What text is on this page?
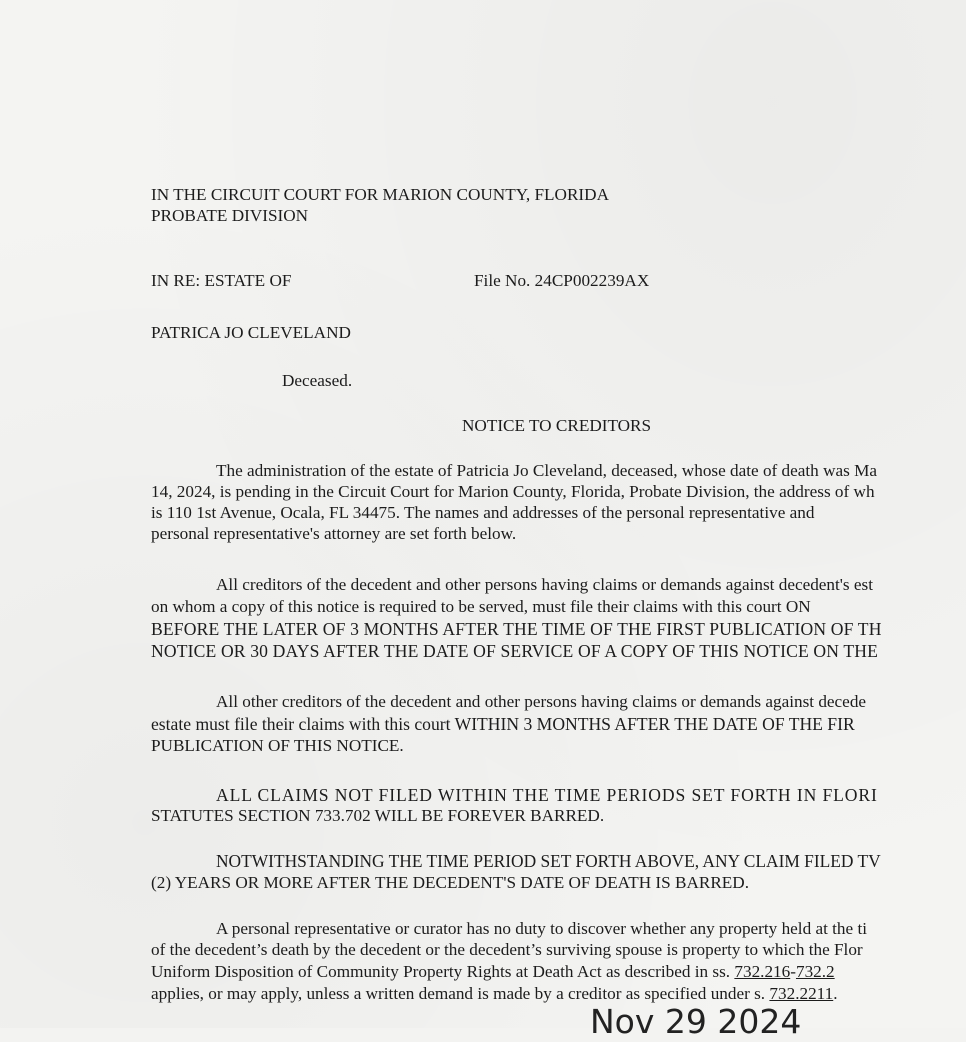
IN THE CIRCUIT COURT FOR MARION COUNTY, FLORIDA
PROBATE DIVISION
IN RE: ESTATE OF	File No. 24CP002239AX
PATRICA JO CLEVELAND
Deceased.
NOTICE TO CREDITORS
The administration of the estate of Patricia Jo Cleveland, deceased, whose date of death was Ma
14, 2024, is pending in the Circuit Court for Marion County, Florida, Probate Division, the address of wh
is 110 1st Avenue, Ocala, FL 34475. The names and addresses of the personal representative and
personal representative's attorney are set forth below.
All creditors of the decedent and other persons having claims or demands against decedent's est
on whom a copy of this notice is required to be served, must file their claims with this court ON
BEFORE THE LATER OF 3 MONTHS AFTER THE TIME OF THE FIRST PUBLICATION OF TH
NOTICE OR 30 DAYS AFTER THE DATE OF SERVICE OF A COPY OF THIS NOTICE ON THE
All other creditors of the decedent and other persons having claims or demands against decede
estate must file their claims with this court WITHIN 3 MONTHS AFTER THE DATE OF THE FIR
PUBLICATION OF THIS NOTICE.
ALL CLAIMS NOT FILED WITHIN THE TIME PERIODS SET FORTH IN FLORI
STATUTES SECTION 733.702 WILL BE FOREVER BARRED.
NOTWITHSTANDING THE TIME PERIOD SET FORTH ABOVE, ANY CLAIM FILED TV
(2) YEARS OR MORE AFTER THE DECEDENT'S DATE OF DEATH IS BARRED.
A personal representative or curator has no duty to discover whether any property held at the ti
of the decedent’s death by the decedent or the decedent’s surviving spouse is property to which the Flor
Uniform Disposition of Community Property Rights at Death Act as described in ss. 732.216-732.2
applies, or may apply, unless a written demand is made by a creditor as specified under s. 732.2211.
Nov 29 2024
